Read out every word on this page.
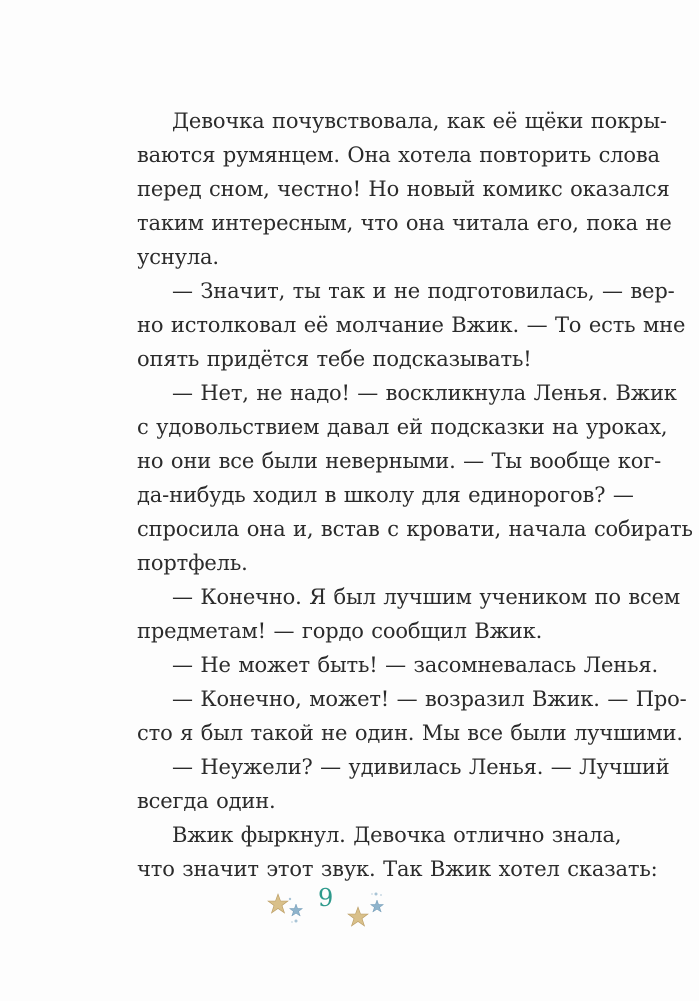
Девочка почувствовала, как её щёки покры-
ваются румянцем. Она хотела повторить слова
перед сном, честно! Но новый комикс оказался
таким интересным, что она читала его, пока не
уснула.
— Значит, ты так и не подготовилась, — вер-
но истолковал её молчание Вжик. — То есть мне
опять придётся тебе подсказывать!
— Нет, не надо! — воскликнула Ленья. Вжик
с удовольствием давал ей подсказки на уроках,
но они все были неверными. — Ты вообще ког-
да-нибудь ходил в школу для единорогов? —
спросила она и, встав с кровати, начала собирать
портфель.
— Конечно. Я был лучшим учеником по всем
предметам! — гордо сообщил Вжик.
— Не может быть! — засомневалась Ленья.
— Конечно, может! — возразил Вжик. — Про-
сто я был такой не один. Мы все были лучшими.
— Неужели? — удивилась Ленья. — Лучший
всегда один.
Вжик фыркнул. Девочка отлично знала,
что значит этот звук. Так Вжик хотел сказать:
9
